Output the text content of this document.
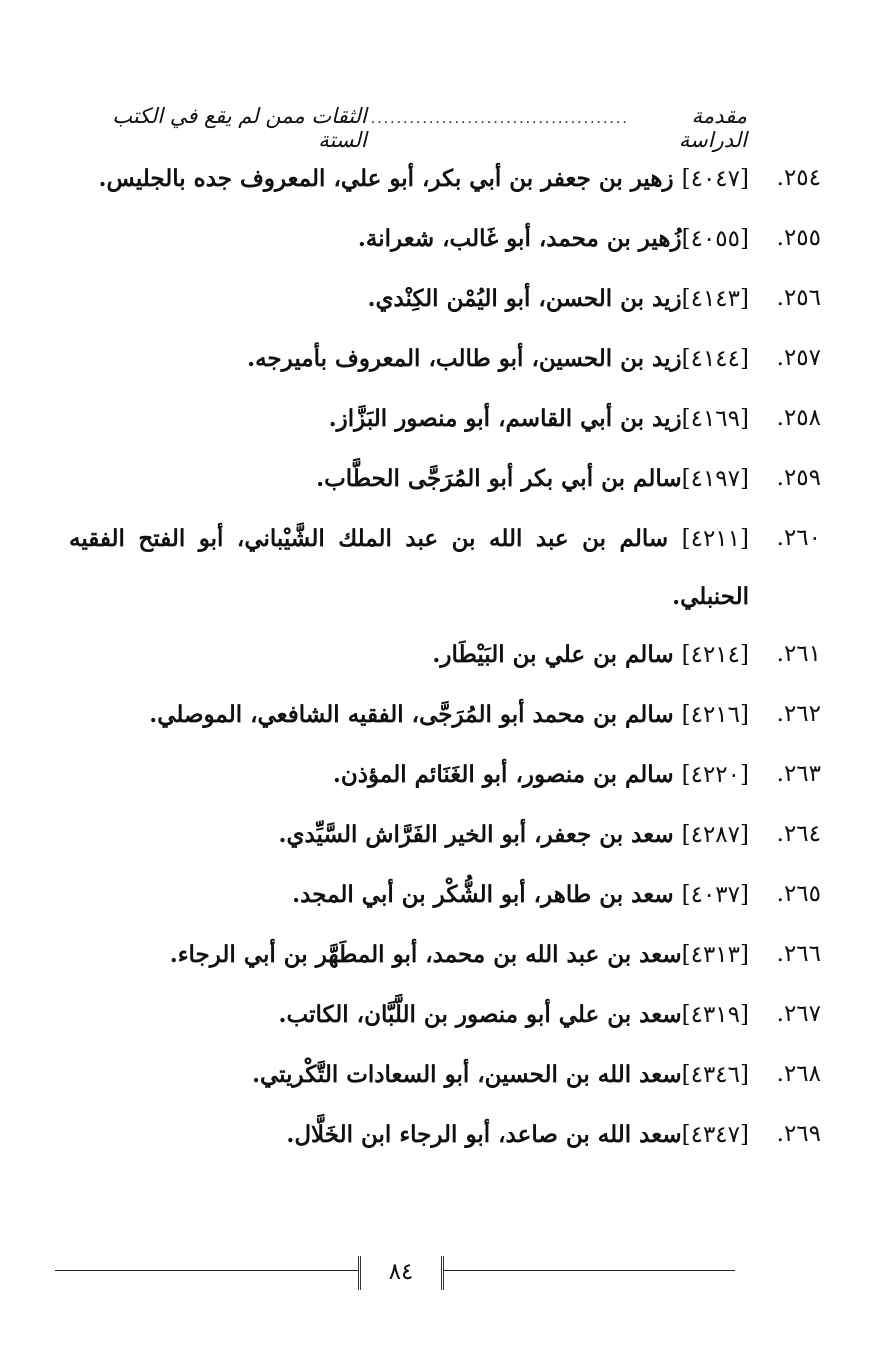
مقدمة الدراسة
........................................
الثقات ممن لم يقع في الكتب الستة
٢٥٤.
[٤٠٤٧] زهير بن جعفر بن أبي بكر، أبو علي، المعروف جده بالجليس.
٢٥٥.
[٤٠٥٥]زُهير بن محمد، أبو غَالب، شعرانة.
٢٥٦.
[٤١٤٣]زيد بن الحسن، أبو اليُمْن الكِنْدي.
٢٥٧.
[٤١٤٤]زيد بن الحسين، أبو طالب، المعروف بأميرجه.
٢٥٨.
[٤١٦٩]زيد بن أبي القاسم، أبو منصور البَزَّاز.
٢٥٩.
[٤١٩٧]سالم بن أبي بكر أبو المُرَجَّى الحطَّاب.
٢٦٠.
[٤٢١١] سالم بن عبد الله بن عبد الملك الشَّيْباني، أبو الفتح الفقيه الحنبلي.
٢٦١.
[٤٢١٤] سالم بن علي بن البَيْطَار.
٢٦٢.
[٤٢١٦] سالم بن محمد أبو المُرَجَّى، الفقيه الشافعي، الموصلي.
٢٦٣.
[٤٢٢٠] سالم بن منصور، أبو الغَنَائم المؤذن.
٢٦٤.
[٤٢٨٧] سعد بن جعفر، أبو الخير الفَرَّاش السَّيِّدي.
٢٦٥.
[٤٠٣٧] سعد بن طاهر، أبو الشُّكْر بن أبي المجد.
٢٦٦.
[٤٣١٣]سعد بن عبد الله بن محمد، أبو المطَهَّر بن أبي الرجاء.
٢٦٧.
[٤٣١٩]سعد بن علي أبو منصور بن اللَّبَّان، الكاتب.
٢٦٨.
[٤٣٤٦]سعد الله بن الحسين، أبو السعادات التَّكْريتي.
٢٦٩.
[٤٣٤٧]سعد الله بن صاعد، أبو الرجاء ابن الخَلَّال.
٨٤
